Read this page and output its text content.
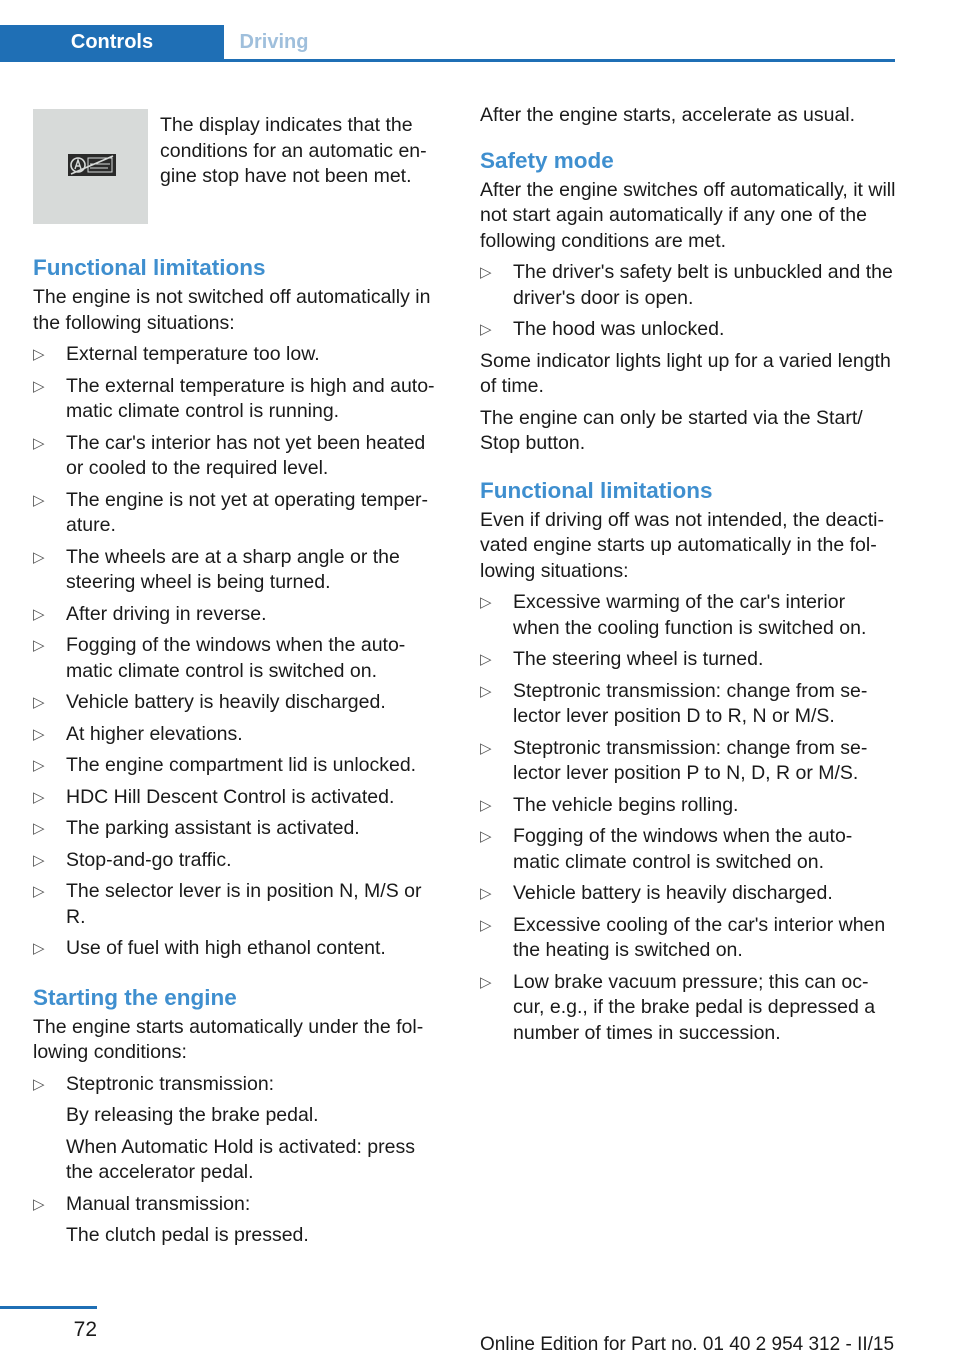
Controls	Driving
The display indicates that the conditions for an automatic en‐gine stop have not been met.
Functional limitations

The engine is not switched off automatically in the following situations:

▷ External temperature too low.
▷ The external temperature is high and auto‐matic climate control is running.
▷ The car's interior has not yet been heated or cooled to the required level.
▷ The engine is not yet at operating temper‐ature.
▷ The wheels are at a sharp angle or the steering wheel is being turned.
▷ After driving in reverse.
▷ Fogging of the windows when the auto‐matic climate control is switched on.
▷ Vehicle battery is heavily discharged.
▷ At higher elevations.
▷ The engine compartment lid is unlocked.
▷ HDC Hill Descent Control is activated.
▷ The parking assistant is activated.
▷ Stop-and-go traffic.
▷ The selector lever is in position N, M/S or R.
▷ Use of fuel with high ethanol content.
Starting the engine

The engine starts automatically under the fol‐lowing conditions:

▷ Steptronic transmission:
By releasing the brake pedal.
When Automatic Hold is activated: press the accelerator pedal.
▷ Manual transmission:
The clutch pedal is pressed.

After the engine starts, accelerate as usual.

Safety mode

After the engine switches off automatically, it will not start again automatically if any one of the following conditions are met.

▷ The driver's safety belt is unbuckled and the driver's door is open.
▷ The hood was unlocked.

Some indicator lights light up for a varied length of time.

The engine can only be started via the Start/ Stop button.

Functional limitations

Even if driving off was not intended, the deacti‐vated engine starts up automatically in the fol‐lowing situations:

▷ Excessive warming of the car's interior when the cooling function is switched on.
▷ The steering wheel is turned.
▷ Steptronic transmission: change from se‐lector lever position D to R, N or M/S.
▷ Steptronic transmission: change from se‐lector lever position P to N, D, R or M/S.
▷ The vehicle begins rolling.
▷ Fogging of the windows when the auto‐matic climate control is switched on.
▷ Vehicle battery is heavily discharged.
▷ Excessive cooling of the car's interior when the heating is switched on.
▷ Low brake vacuum pressure; this can oc‐cur, e.g., if the brake pedal is depressed a number of times in succession.
72
Online Edition for Part no. 01 40 2 954 312 - II/15
